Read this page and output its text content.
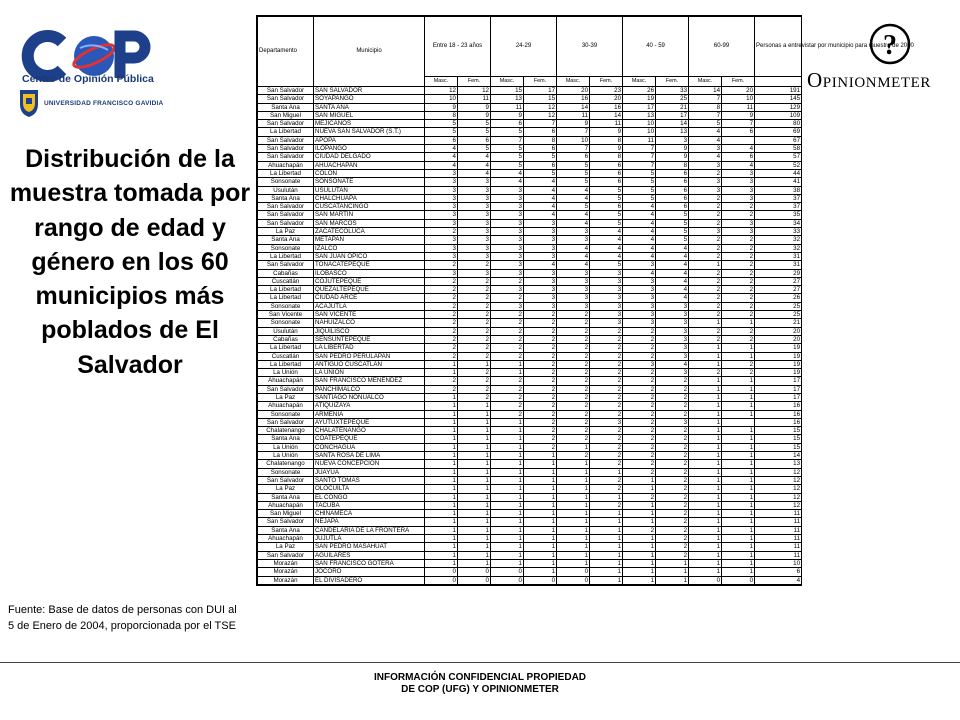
Centro de Opinión Pública
UNIVERSIDAD FRANCISCO GAVIDIA
Distribución de la muestra tomada por rango de edad y género en los 60 municipios más poblados de El Salvador
Fuente: Base de datos de personas con DUI al 5 de Enero de 2004, proporcionada por el TSE
?
OPINIONMETER
Departamento	Municipio	Entre 18 - 23 años		24-29		30-39		40 - 59		60-99		Personas a entrevistar por municipio para muestra de 2000
		Masc.	Fem.	Masc.	Fem.	Masc.	Fem.	Masc.	Fem.	Masc.	Fem.	
San Salvador	SAN SALVADOR	12	12	15	17	20	23	26	33	14	20	191
San Salvador	SOYAPANGO	10	11	13	15	16	20	19	25	7	10	145
Santa Ana	SANTA ANA	9	9	11	12	14	16	17	21	8	11	129
San Miguel	SAN MIGUEL	8	9	9	12	11	14	13	17	7	9	109
San Salvador	MEJICANOS	5	5	6	7	9	11	10	14	5	7	80
La Libertad	NUEVA SAN SALVADOR (S.T.)	5	5	5	6	7	9	10	13	4	6	69
San Salvador	APOPA	6	6	7	8	10	8	11	3	4		67
San Salvador	ILOPANGO	4	5	5	6	7	9	7	9	3	4	58
San Salvador	CIUDAD DELGADO	4	4	5	5	6	8	7	9	4	6	57
Ahuachapán	AHUACHAPAN	4	4	5	6	5	6	7	8	3	4	52
La Libertad	COLON	3	4	4	5	5	6	5	6	2	3	44
Sonsonate	SONSONATE	3	3	4	4	5	6	5	6	3	3	41
Usulután	USULUTAN	3	3	3	4	4	5	5	6	3	3	38
Santa Ana	CHALCHUAPA	3	3	3	4	4	5	5	6	2	3	37
San Salvador	CUSCATANCINGO	3	3	3	4	5	6	4	6	2	2	37
San Salvador	SAN MARTIN	3	3	3	4	4	5	4	5	2	2	35
San Salvador	SAN MARCOS	3	3	3	3	4	5	4	5	2	3	34
La Paz	ZACATECOLUCA	2	3	3	3	3	4	4	5	3	3	33
Santa Ana	METAPAN	3	3	3	3	3	4	4	5	2	2	32
Sonsonate	IZALCO	3	3	3	3	4	4	4	4	2	2	32
La Libertad	SAN JUAN OPICO	3	3	3	3	4	4	4	4	2	2	31
San Salvador	TONACATEPEQUE	2	2	3	4	4	5	3	4	1	2	31
Cabañas	ILOBASCO	3	3	3	3	3	3	4	4	2	2	29
Cuscatlán	COJUTEPEQUE	2	2	2	3	3	3	3	4	2	2	27
La Libertad	QUEZALTEPEQUE	2	2	3	3	3	3	3	4	2	2	27
La Libertad	CIUDAD ARCE	2	2	2	3	3	3	3	4	2	2	26
Sonsonate	ACAJUTLA	2	2	3	3	3	3	3	3	2	2	25
San Vicente	SAN VICENTE	2	2	2	2	2	3	3	3	2	2	25
Sonsonate	NAHUIZALCO	2	2	2	2	2	3	3	3	1	1	21
Usulután	JIQUILISCO	2	2	2	2	2	2	2	3	2	2	20
Cabañas	SENSUNTEPEQUE	2	2	2	2	2	2	2	3	2	2	20
La Libertad	LA LIBERTAD	2	2	2	2	2	2	2	3	1	1	19
Cuscatlán	SAN PEDRO PERULAPAN	2	2	2	2	2	2	2	3	1	1	19
La Libertad	ANTIGUO CUSCATLAN	1	1	1	2	2	2	3	4	1	2	19
La Unión	LA UNION	1	2	1	2	2	2	2	3	2	2	19
Ahuachapán	SAN FRANCISCO MENENDEZ	2	2	2	2	2	2	2	2	1	1	17
San Salvador	PANCHIMALCO	2	2	2	2	2	2	2	2	1	1	17
La Paz	SANTIAGO NONUALCO	1	2	2	2	2	2	2	2	1	1	17
Ahuachapán	ATIQUIZAYA	1	1	2	2	2	2	2	2	1	1	16
Sonsonate	ARMENIA	1	1	2	2	2	2	2	2	1	1	16
San Salvador	AYUTUXTEPEQUE	1	1	1	2	2	3	2	3	1		16
Chalatenango	CHALATENANGO	1	1	1	2	2	2	2	2	1	1	15
Santa Ana	COATEPEQUE	1	1	1	2	2	2	2	2	1	1	15
La Unión	CONCHAGUA	1	1	1	2	1	2	2	2	1	1	15
La Unión	SANTA ROSA DE LIMA	1	1	1	1	2	2	2	2	1	1	14
Chalatenango	NUEVA CONCEPCION	1	1	1	1	1	2	2	2	1	1	13
Sonsonate	JUAYUA	1	1	1	1	1	1	2	2	1	1	12
San Salvador	SANTO TOMAS	1	1	1	1	1	2	1	2	1	1	12
La Paz	OLOCUILTA	1	1	1	1	1	2	1	2	1	1	12
Santa Ana	EL CONGO	1	1	1	1	1	1	2	2	1	1	12
Ahuachapán	TACUBA	1	1	1	1	1	2	1	2	1	1	12
San Miguel	CHINAMECA	1	1	1	1	1	1	1	2	1	1	11
San Salvador	NEJAPA	1	1	1	1	1	1	1	2	1	1	11
Santa Ana	CANDELARIA DE LA FRONTERA	1	1	1	1	1	1	2	2	1	1	11
Ahuachapán	JUJUTLA	1	1	1	1	1	1	1	2	1	1	11
La Paz	SAN PEDRO MASAHUAT	1	1	1	1	1	1	1	2	1	1	11
San Salvador	AGUILARES	1	1	1	1	1	1	1	2	1	1	11
Morazán	SAN FRANCISCO GOTERA	1	1	1	1	1	1	1	1	1	1	10
Morazán	JOCORO	0	0	0	1	0	1	1	1	1	1	6
Morazán	EL DIVISADERO	0	0	0	0	0	1	1	1	0	0	4
INFORMACIÓN CONFIDENCIAL PROPIEDAD
DE COP (UFG) Y OPINIONMETER
